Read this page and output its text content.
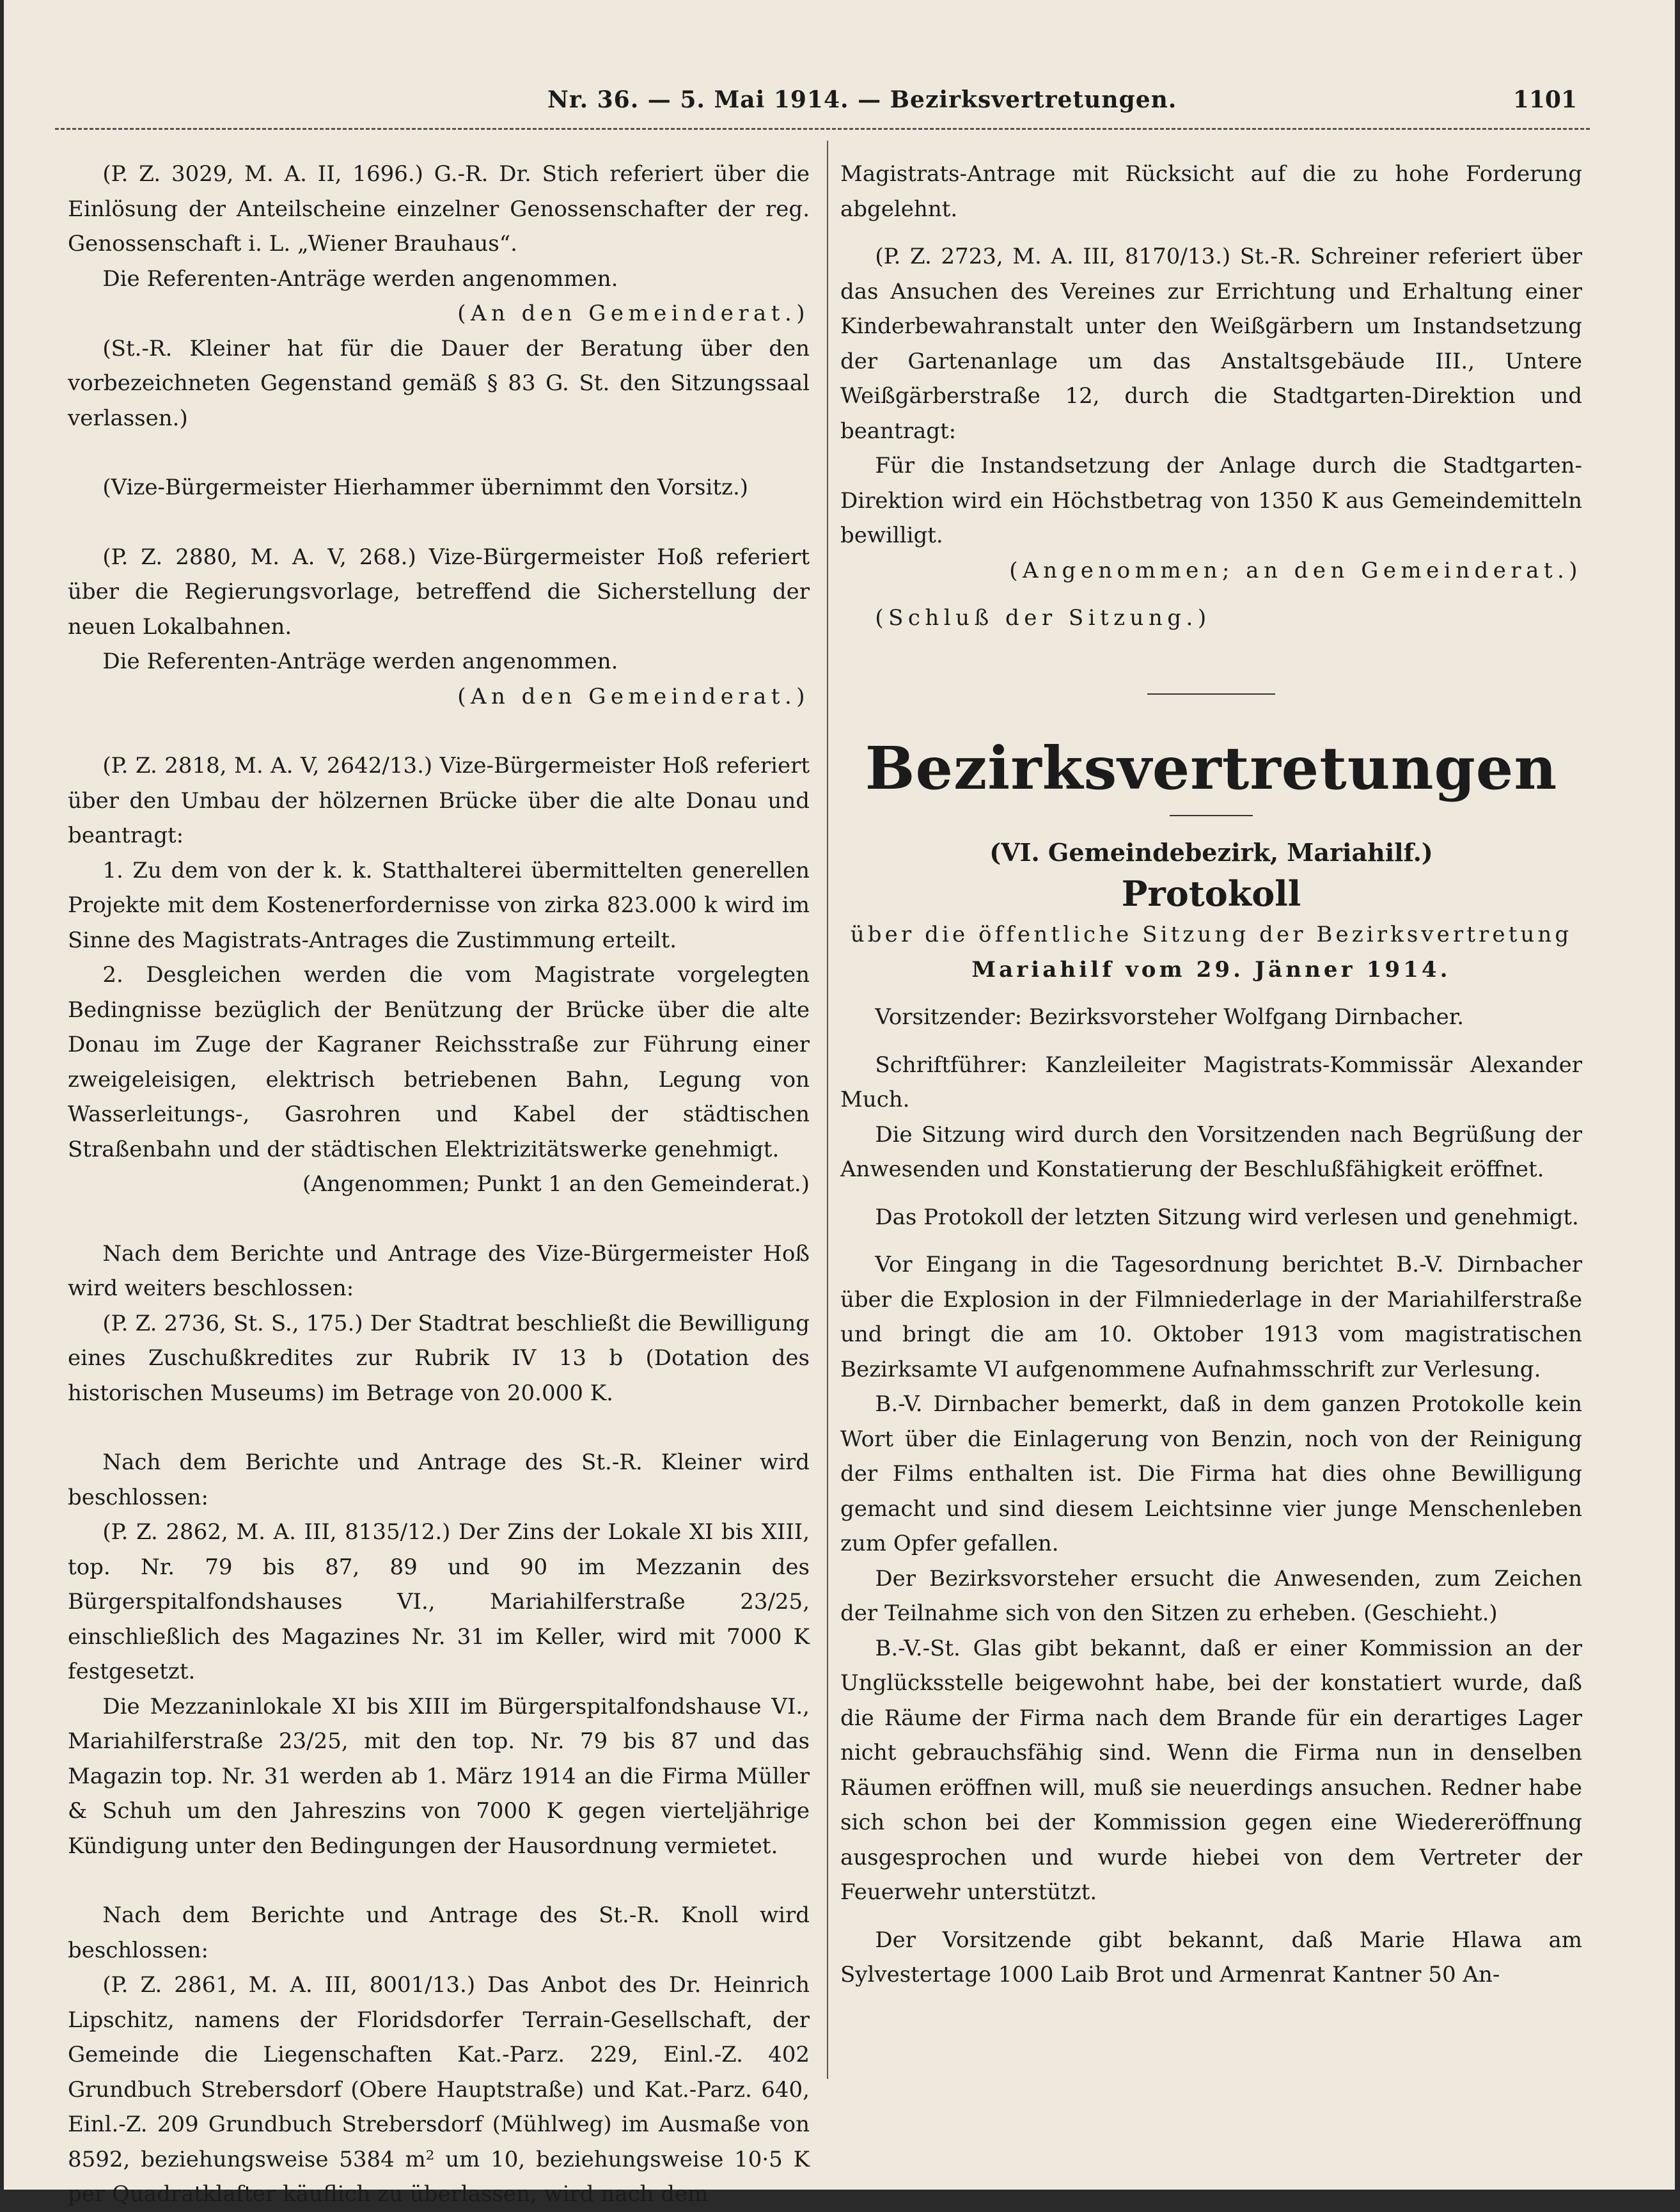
Nr. 36. — 5. Mai 1914. — Bezirksvertretungen.	1101

(P. Z. 3029, M. A. II, 1696.) G.-R. Dr. Stich referiert über die Einlösung der Anteilscheine einzelner Genossenschafter der reg. Genossenschaft i. L. „Wiener Brauhaus“.

Die Referenten-Anträge werden angenommen.

(An den Gemeinderat.)

(St.-R. Kleiner hat für die Dauer der Beratung über den vorbezeichneten Gegenstand gemäß § 83 G. St. den Sitzungssaal verlassen.)

(Vize-Bürgermeister Hierhammer übernimmt den Vorsitz.)

(P. Z. 2880, M. A. V, 268.) Vize-Bürgermeister Hoß referiert über die Regierungsvorlage, betreffend die Sicherstellung der neuen Lokalbahnen.

Die Referenten-Anträge werden angenommen.

(An den Gemeinderat.)

(P. Z. 2818, M. A. V, 2642/13.) Vize-Bürgermeister Hoß referiert über den Umbau der hölzernen Brücke über die alte Donau und beantragt:

1. Zu dem von der k. k. Statthalterei übermittelten generellen Projekte mit dem Kostenerfordernisse von zirka 823.000 k wird im Sinne des Magistrats-Antrages die Zustimmung erteilt.

2. Desgleichen werden die vom Magistrate vorgelegten Bedingnisse bezüglich der Benützung der Brücke über die alte Donau im Zuge der Kagraner Reichsstraße zur Führung einer zweigeleisigen, elektrisch betriebenen Bahn, Legung von Wasserleitungs-, Gasrohren und Kabel der städtischen Straßenbahn und der städtischen Elektrizitätswerke genehmigt.

(Angenommen; Punkt 1 an den Gemeinderat.)

Nach dem Berichte und Antrage des Vize-Bürgermeister Hoß wird weiters beschlossen:

(P. Z. 2736, St. S., 175.) Der Stadtrat beschließt die Bewilligung eines Zuschußkredites zur Rubrik IV 13 b (Dotation des historischen Museums) im Betrage von 20.000 K.

Nach dem Berichte und Antrage des St.-R. Kleiner wird beschlossen:

(P. Z. 2862, M. A. III, 8135/12.) Der Zins der Lokale XI bis XIII, top. Nr. 79 bis 87, 89 und 90 im Mezzanin des Bürgerspitalfondshauses VI., Mariahilferstraße 23/25, einschließlich des Magazines Nr. 31 im Keller, wird mit 7000 K festgesetzt.

Die Mezzaninlokale XI bis XIII im Bürgerspitalfondshause VI., Mariahilferstraße 23/25, mit den top. Nr. 79 bis 87 und das Magazin top. Nr. 31 werden ab 1. März 1914 an die Firma Müller & Schuh um den Jahreszins von 7000 K gegen vierteljährige Kündigung unter den Bedingungen der Hausordnung vermietet.

Nach dem Berichte und Antrage des St.-R. Knoll wird beschlossen:

(P. Z. 2861, M. A. III, 8001/13.) Das Anbot des Dr. Heinrich Lipschitz, namens der Floridsdorfer Terrain-Gesellschaft, der Gemeinde die Liegenschaften Kat.-Parz. 229, Einl.-Z. 402 Grundbuch Strebersdorf (Obere Hauptstraße) und Kat.-Parz. 640, Einl.-Z. 209 Grundbuch Strebersdorf (Mühlweg) im Ausmaße von 8592, beziehungsweise 5384 m² um 10, beziehungsweise 10·5 K per Quadratklafter käuflich zu überlassen, wird nach dem

Magistrats-Antrage mit Rücksicht auf die zu hohe Forderung abgelehnt.

(P. Z. 2723, M. A. III, 8170/13.) St.-R. Schreiner referiert über das Ansuchen des Vereines zur Errichtung und Erhaltung einer Kinderbewahranstalt unter den Weißgärbern um Instandsetzung der Gartenanlage um das Anstaltsgebäude III., Untere Weißgärberstraße 12, durch die Stadtgarten-Direktion und beantragt:

Für die Instandsetzung der Anlage durch die Stadtgarten-Direktion wird ein Höchstbetrag von 1350 K aus Gemeindemitteln bewilligt.

(Angenommen; an den Gemeinderat.)

(Schluß der Sitzung.)

Bezirksvertretungen
(VI. Gemeindebezirk, Mariahilf.)
Protokoll

über die öffentliche Sitzung der Bezirksvertretung

Mariahilf vom 29. Jänner 1914.

Vorsitzender: Bezirksvorsteher Wolfgang Dirnbacher.

Schriftführer: Kanzleileiter Magistrats-Kommissär Alexander Much.

Die Sitzung wird durch den Vorsitzenden nach Begrüßung der Anwesenden und Konstatierung der Beschlußfähigkeit eröffnet.

Das Protokoll der letzten Sitzung wird verlesen und genehmigt.

Vor Eingang in die Tagesordnung berichtet B.-V. Dirnbacher über die Explosion in der Filmniederlage in der Mariahilferstraße und bringt die am 10. Oktober 1913 vom magistratischen Bezirksamte VI aufgenommene Aufnahmsschrift zur Verlesung.

B.-V. Dirnbacher bemerkt, daß in dem ganzen Protokolle kein Wort über die Einlagerung von Benzin, noch von der Reinigung der Films enthalten ist. Die Firma hat dies ohne Bewilligung gemacht und sind diesem Leichtsinne vier junge Menschenleben zum Opfer gefallen.

Der Bezirksvorsteher ersucht die Anwesenden, zum Zeichen der Teilnahme sich von den Sitzen zu erheben. (Geschieht.)

B.-V.-St. Glas gibt bekannt, daß er einer Kommission an der Unglücksstelle beigewohnt habe, bei der konstatiert wurde, daß die Räume der Firma nach dem Brande für ein derartiges Lager nicht gebrauchsfähig sind. Wenn die Firma nun in denselben Räumen eröffnen will, muß sie neuerdings ansuchen. Redner habe sich schon bei der Kommission gegen eine Wiedereröffnung ausgesprochen und wurde hiebei von dem Vertreter der Feuerwehr unterstützt.

Der Vorsitzende gibt bekannt, daß Marie Hlawa am Sylvestertage 1000 Laib Brot und Armenrat Kantner 50 An-
